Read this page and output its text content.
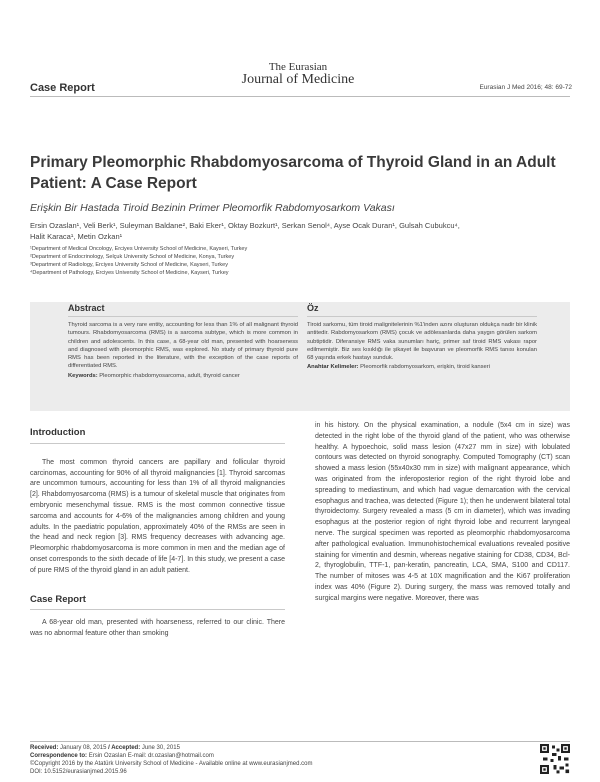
Case Report
The Eurasian
Journal of Medicine
Eurasian J Med 2016; 48: 69-72
Primary Pleomorphic Rhabdomyosarcoma of Thyroid Gland in an Adult Patient: A Case Report
Erişkin Bir Hastada Tiroid Bezinin Primer Pleomorfik Rabdomyosarkom Vakası
Ersin Ozaslan¹, Veli Berk¹, Suleyman Baldane², Baki Eker¹, Oktay Bozkurt¹, Serkan Senol⁴, Ayse Ocak Duran¹, Gulsah Cubukcu⁴,
Halit Karaca¹, Metin Ozkan¹
¹Department of Medical Oncology, Erciyes University School of Medicine, Kayseri, Turkey
²Department of Endocrinology, Selçuk University School of Medicine, Konya, Turkey
³Department of Radiology, Erciyes University School of Medicine, Kayseri, Turkey
⁴Department of Pathology, Erciyes University School of Medicine, Kayseri, Turkey
Abstract

Thyroid sarcoma is a very rare entity, accounting for less than 1% of all malignant thyroid tumours. Rhabdomyosarcoma (RMS) is a sarcoma subtype, which is more common in children and adolescents. In this case, a 68-year old man, presented with hoarseness and diagnosed with pleomorphic RMS, was explored. No study of primary thyroid pure RMS has been reported in the literature, with the exception of the case reports of differentiated RMS.

Keywords: Pleomorphic rhabdomyosarcoma, adult, thyroid cancer

Öz

Tiroid sarkomu, tüm tiroid malignitelerinin %1'inden azını oluşturan oldukça nadir bir klinik antitedir. Rabdomyosarkom (RMS) çocuk ve adölesanlarda daha yaygın görülen sarkom subtiptidir. Diferansiye RMS vaka sunumları hariç, primer saf tiroid RMS vakası rapor edilmemiştir. Biz ses kısıklığı ile şikayet ile başvuran ve pleomorfik RMS tanısı konulan 68 yaşında erkek hastayı sunduk.

Anahtar Kelimeler: Pleomorfik rabdomyosarkom, erişkin, tiroid kanseri

Introduction

The most common thyroid cancers are papillary and follicular thyroid carcinomas, accounting for 90% of all thyroid malignancies [1]. Thyroid sarcomas are uncommon tumours, accounting for less than 1% of all thyroid malignancies [2]. Rhabdomyosarcoma (RMS) is a tumour of skeletal muscle that originates from embryonic mesenchymal tissue. RMS is the most common connective tissue sarcoma and accounts for 4-6% of the malignancies among children and young adults. In the paediatric population, approximately 40% of the RMSs are seen in the head and neck region [3]. RMS frequency decreases with advancing age. Pleomorphic rhabdomyosarcoma is more common in men and the median age of onset corresponds to the sixth decade of life [4-7]. In this study, we present a case of pure RMS of the thyroid gland in an adult patient.

Case Report

A 68-year old man, presented with hoarseness, referred to our clinic. There was no abnormal feature other than smoking

in his history. On the physical examination, a nodule (5x4 cm in size) was detected in the right lobe of the thyroid gland of the patient, who was otherwise healthy. A hypoechoic, solid mass lesion (47x27 mm in size) with lobulated contours was detected on thyroid sonography. Computed Tomography (CT) scan showed a mass lesion (55x40x30 mm in size) with malignant appearance, which was originated from the inferoposterior region of the right thyroid lobe and spreading to mediastinum, and which had vague demarcation with the cervical esophagus and trachea, was detected (Figure 1); then he underwent bilateral total thyroidectomy. Surgery revealed a mass (5 cm in diameter), which was invading esophagus at the posterior region of right thyroid lobe and recurrent laryngeal nerve. The surgical specimen was reported as pleomorphic rhabdomyosarcoma after pathological evaluation. Immunohistochemical evaluations revealed positive staining for vimentin and desmin, whereas negative staining for CD38, CD34, Bcl-2, thyroglobulin, TTF-1, pan-keratin, pancreatin, LCA, SMA, S100 and CD117. The number of mitoses was 4-5 at 10X magnification and the Ki67 proliferation index was 40% (Figure 2). During surgery, the mass was removed totally and surgical margins were negative. Moreover, there was

Received: January 08, 2015 / Accepted: June 30, 2015
Correspondence to: Ersin Ozaslan E-mail: dr.ozaslan@hotmail.com
©Copyright 2016 by the Atatürk University School of Medicine - Available online at www.eurasianjmed.com
DOI: 10.5152/eurasianjmed.2015.96
